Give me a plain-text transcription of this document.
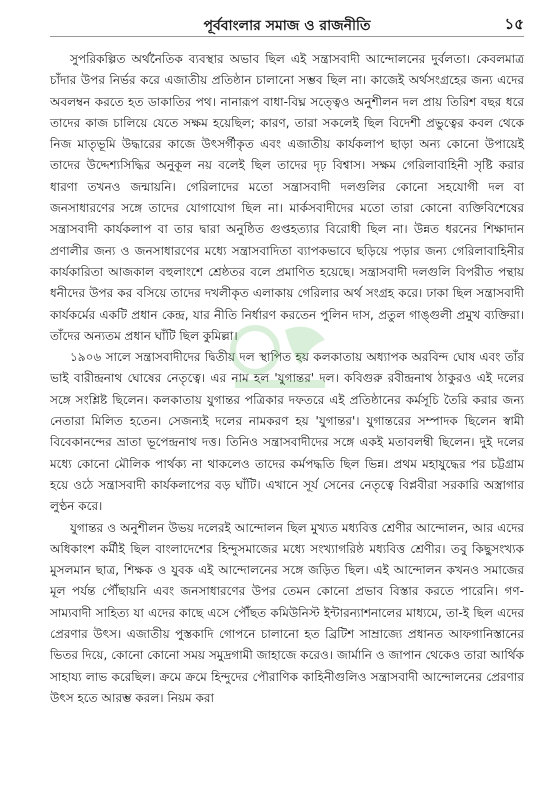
পূর্ববাংলার সমাজ ও রাজনীতি	১৫

সুপরিকল্পিত অর্থনৈতিক ব্যবস্থার অভাব ছিল এই সন্ত্রাসবাদী আন্দোলনের দুর্বলতা। কেবলমাত্র চাঁদার উপর নির্ভর করে এজাতীয় প্রতিষ্ঠান চালানো সম্ভব ছিল না। কাজেই অর্থসংগ্রহের জন্য এদের অবলম্বন করতে হত ডাকাতির পথ। নানারূপ বাধা-বিঘ্ন সত্ত্বেও অনুশীলন দল প্রায় তিরিশ বছর ধরে তাদের কাজ চালিয়ে যেতে সক্ষম হয়েছিল; কারণ, তারা সকলেই ছিল বিদেশী প্রভুত্বের কবল থেকে নিজ মাতৃভূমি উদ্ধারের কাজে উৎসর্গীকৃত এবং এজাতীয় কার্যকলাপ ছাড়া অন্য কোনো উপায়েই তাদের উদ্দেশ্যসিদ্ধির অনুকূল নয় বলেই ছিল তাদের দৃঢ় বিশ্বাস। সক্ষম গেরিলাবাহিনী সৃষ্টি করার ধারণা তখনও জন্মায়নি। গেরিলাদের মতো সন্ত্রাসবাদী দলগুলির কোনো সহযোগী দল বা জনসাধারণের সঙ্গে তাদের যোগাযোগ ছিল না। মার্কসবাদীদের মতো তারা কোনো ব্যক্তিবিশেষের সন্ত্রাসবাদী কার্যকলাপ বা তার দ্বারা অনুষ্ঠিত গুপ্তহত্যার বিরোধী ছিল না। উন্নত ধরনের শিক্ষাদান প্রণালীর জন্য ও জনসাধারণের মধ্যে সন্ত্রাসবাদিতা ব্যাপকভাবে ছড়িয়ে পড়ার জন্য গেরিলাবাহিনীর কার্যকারিতা আজকাল বহুলাংশে শ্রেষ্ঠতর বলে প্রমাণিত হয়েছে। সন্ত্রাসবাদী দলগুলি বিপরীত পন্থায় ধনীদের উপর কর বসিয়ে তাদের দখলীকৃত এলাকায় গেরিলার অর্থ সংগ্রহ করে। ঢাকা ছিল সন্ত্রাসবাদী কার্যকর্মের একটি প্রধান কেন্দ্র, যার নীতি নির্ধারণ করতেন পুলিন দাস, প্রতুল গাঙ্গুলী প্রমুখ ব্যক্তিরা। তাঁদের অন্যতম প্রধান ঘাঁটি ছিল কুমিল্লা।

১৯০৬ সালে সন্ত্রাসবাদীদের দ্বিতীয় দল স্থাপিত হয় কলকাতায় অধ্যাপক অরবিন্দ ঘোষ এবং তাঁর ভাই বারীন্দ্রনাথ ঘোষের নেতৃত্বে। এর নাম হল 'যুগান্তর' দল। কবিগুরু রবীন্দ্রনাথ ঠাকুরও এই দলের সঙ্গে সংশ্লিষ্ট ছিলেন। কলকাতায় যুগান্তর পত্রিকার দফতরে এই প্রতিষ্ঠানের কর্মসূচি তৈরি করার জন্য নেতারা মিলিত হতেন। সেজন্যই দলের নামকরণ হয় 'যুগান্তর'। যুগান্তরের সম্পাদক ছিলেন স্বামী বিবেকানন্দের ভ্রাতা ভূপেন্দ্রনাথ দত্ত। তিনিও সন্ত্রাসবাদীদের সঙ্গে একই মতাবলম্বী ছিলেন। দুই দলের মধ্যে কোনো মৌলিক পার্থক্য না থাকলেও তাদের কর্মপদ্ধতি ছিল ভিন্ন। প্রথম মহাযুদ্ধের পর চট্টগ্রাম হয়ে ওঠে সন্ত্রাসবাদী কার্যকলাপের বড় ঘাঁটি। এখানে সূর্য সেনের নেতৃত্বে বিপ্লবীরা সরকারি অস্ত্রাগার লুণ্ঠন করে।

যুগান্তর ও অনুশীলন উভয় দলেরই আন্দোলন ছিল মুখ্যত মধ্যবিত্ত শ্রেণীর আন্দোলন, আর এদের অধিকাংশ কর্মীই ছিল বাংলাদেশের হিন্দুসমাজের মধ্যে সংখ্যাগরিষ্ঠ মধ্যবিত্ত শ্রেণীর। তবু কিছুসংখ্যক মুসলমান ছাত্র, শিক্ষক ও যুবক এই আন্দোলনের সঙ্গে জড়িত ছিল। এই আন্দোলন কখনও সমাজের মূল পর্যন্ত পৌঁছায়নি এবং জনসাধারণের উপর তেমন কোনো প্রভাব বিস্তার করতে পারেনি। গণ-সাম্যবাদী সাহিত্য যা এদের কাছে এসে পৌঁছত কমিউনিস্ট ইন্টারন্যাশনালের মাধ্যমে, তা-ই ছিল এদের প্রেরণার উৎস। এজাতীয় পুস্তকাদি গোপনে চালানো হত ব্রিটিশ সাম্রাজ্যে প্রধানত আফগানিস্তানের ভিতর দিয়ে, কোনো কোনো সময় সমুদ্রগামী জাহাজে করেও। জার্মানি ও জাপান থেকেও তারা আর্থিক সাহায্য লাভ করেছিল। ক্রমে ক্রমে হিন্দুদের পৌরাণিক কাহিনীগুলিও সন্ত্রাসবাদী আন্দোলনের প্রেরণার উৎস হতে আরম্ভ করল। নিয়ম করা
